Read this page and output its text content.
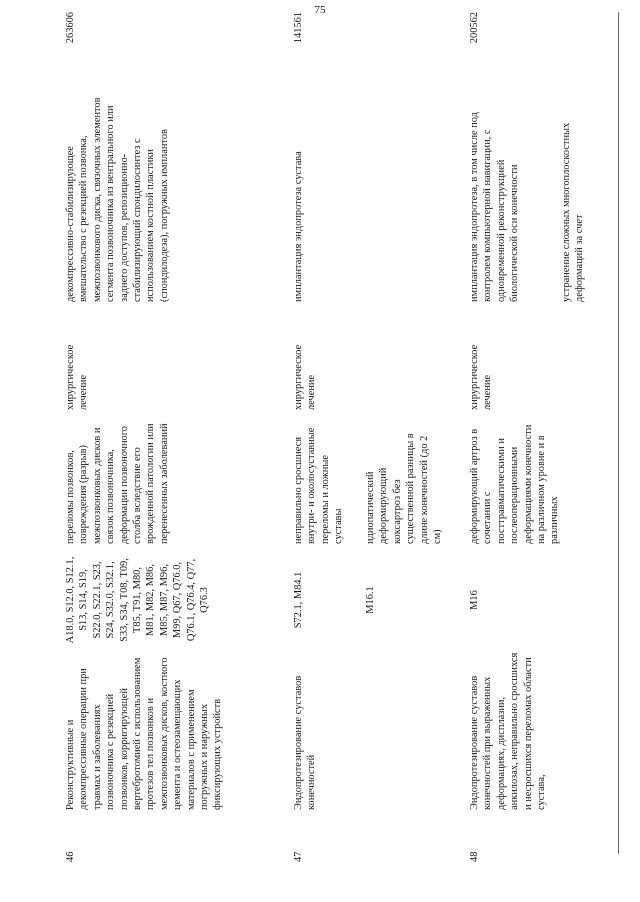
75
46
Реконструктивные и декомпрессивные операции при травмах и заболеваниях позвоночника с резекцией позвонков, корригирующей вертебротомией с использованием протезов тел позвонков и межпозвонковых дисков, костного цемента и остеозамещающих материалов с применением погружных и наружных фиксирующих устройств
A18.0, S12.0, S12.1, S13, S14, S19, S22.0, S22.1, S23, S24, S32.0, S32.1, S33, S34, T08, T09, T85, T91, M80, M81, M82, M86, M85, M87, M96, M99, Q67, Q76.0, Q76.1, Q76.4, Q77, Q76.3
переломы позвонков, повреждения (разрыв) межпозвонковых дисков и связок позвоночника, деформации позвоночного столба вследствие его врожденной патологии или перенесенных заболеваний
хирургическое лечение
декомпрессивно-стабилизирующее вмешательство с резекцией позвонка, межпозвонкового диска, связочных элементов сегмента позвоночника из вентрального или заднего доступов, репозиционно-стабилизирующий спондилосинтез с использованием костной пластики (спондилодеза), погружных имплантов
263606
47
Эндопротезирование суставов конечностей

S72.1, M84.1	M16.1

неправильно сросшиеся внутри- и околосуставные переломы и ложные суставы идиопатический деформирующий коксартроз без существенной разницы в длине конечностей (до 2 см)

хирургическое лечение
имплантация эндопротеза сустава
141561
48
Эндопротезирование суставов конечностей при выраженных деформациях, дисплазии, анкилозах, неправильно сросшихся и несросшихся переломах области сустава,
M16
деформирующий артроз в сочетании с посттравматическими и послеоперационными деформациями конечности на различном уровне и в различных
хирургическое лечение

имплантация эндопротеза, в том числе под контролем компьютерной навигации, с одновременной реконструкцией биологической оси конечности	устранение сложных многоплоскостных деформаций за счет

200562
